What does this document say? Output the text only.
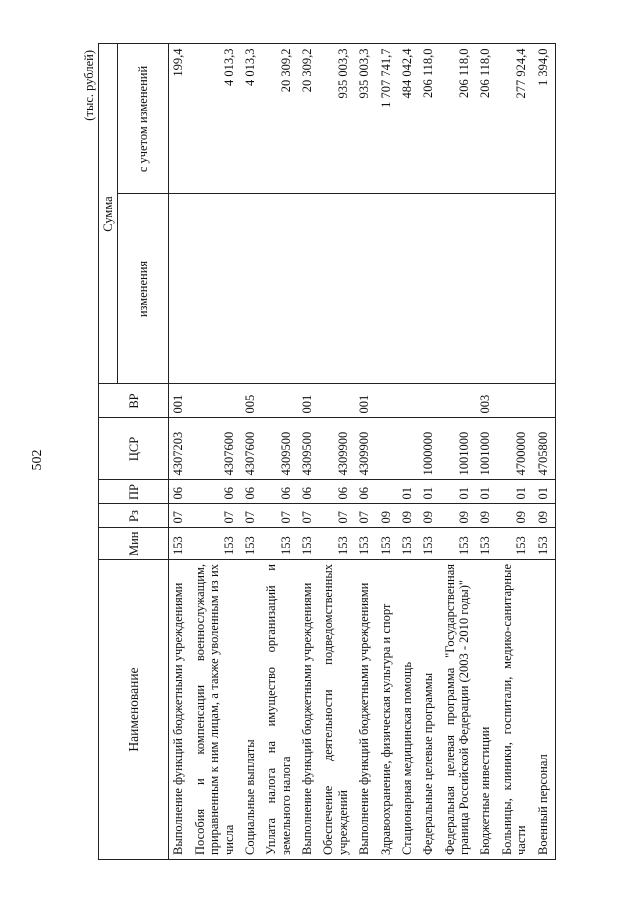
502
(тыс. рублей)
Наименование	Мин	Рз	ПР	ЦСР	ВР	Сумма	
						изменения	с учетом изменений
Выполнение функций бюджетными учреждениями	153	07	06	4307203	001		199,4
Пособия и компенсации военнослужащим, приравненным к ним лицам, а также уволенным из их числа	153	07	06	4307600			4 013,3
Социальные выплаты	153	07	06	4307600	005		4 013,3
Уплата налога на имущество организаций и земельного налога	153	07	06	4309500			20 309,2
Выполнение функций бюджетными учреждениями	153	07	06	4309500	001		20 309,2
Обеспечение деятельности подведомственных учреждений	153	07	06	4309900			935 003,3
Выполнение функций бюджетными учреждениями	153	07	06	4309900	001		935 003,3
Здравоохранение, физическая культура и спорт	153	09					1 707 741,7
Стационарная медицинская помощь	153	09	01				484 042,4
Федеральные целевые программы	153	09	01	1000000			206 118,0
Федеральная целевая программа "Государственная граница Российской Федерации (2003 - 2010 годы)"	153	09	01	1001000			206 118,0
Бюджетные инвестиции	153	09	01	1001000	003		206 118,0
Больницы, клиники, госпитали, медико-санитарные части	153	09	01	4700000			277 924,4
Военный персонал	153	09	01	4705800			1 394,0
